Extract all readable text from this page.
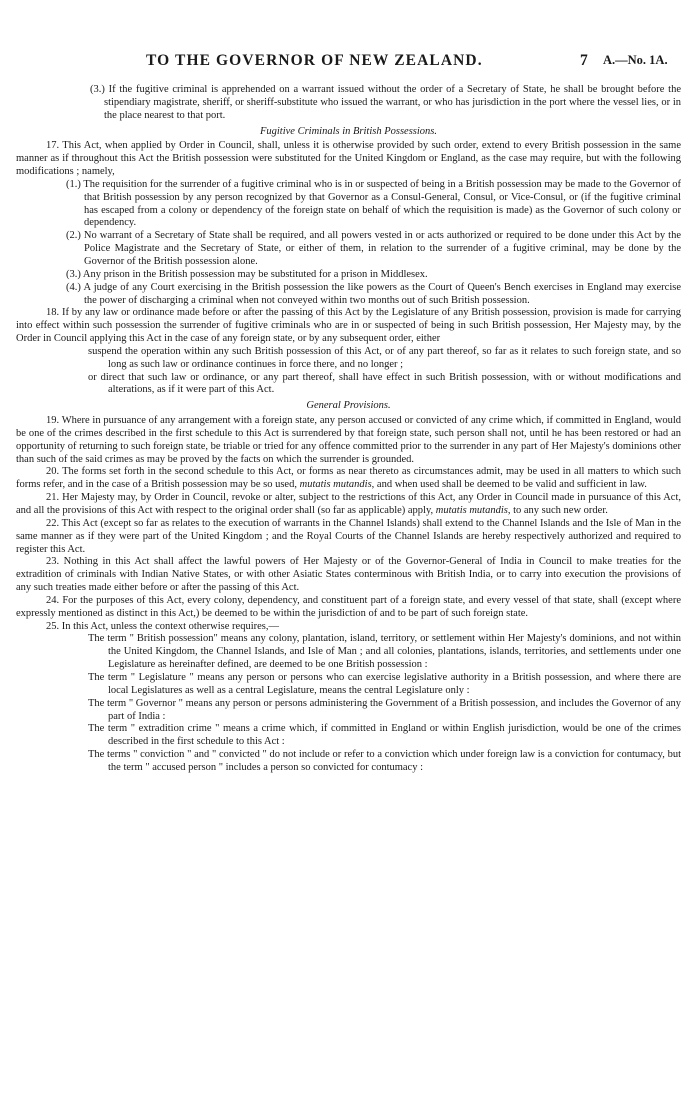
TO THE GOVERNOR OF NEW ZEALAND.	7 A.—No. 1A.

(3.) If the fugitive criminal is apprehended on a warrant issued without the order of a Secretary of State, he shall be brought before the stipendiary magistrate, sheriff, or sheriff-substitute who issued the warrant, or who has jurisdiction in the port where the vessel lies, or in the place nearest to that port.

Fugitive Criminals in British Possessions.

17. This Act, when applied by Order in Council, shall, unless it is otherwise provided by such order, extend to every British possession in the same manner as if throughout this Act the British possession were substituted for the United Kingdom or England, as the case may require, but with the following modifications ; namely,

(1.) The requisition for the surrender of a fugitive criminal who is in or suspected of being in a British possession may be made to the Governor of that British possession by any person recognized by that Governor as a Consul-General, Consul, or Vice-Consul, or (if the fugitive criminal has escaped from a colony or dependency of the foreign state on behalf of which the requisition is made) as the Governor of such colony or dependency.

(2.) No warrant of a Secretary of State shall be required, and all powers vested in or acts authorized or required to be done under this Act by the Police Magistrate and the Secretary of State, or either of them, in relation to the surrender of a fugitive criminal, may be done by the Governor of the British possession alone.

(3.) Any prison in the British possession may be substituted for a prison in Middlesex.

(4.) A judge of any Court exercising in the British possession the like powers as the Court of Queen's Bench exercises in England may exercise the power of discharging a criminal when not conveyed within two months out of such British possession.

18. If by any law or ordinance made before or after the passing of this Act by the Legislature of any British possession, provision is made for carrying into effect within such possession the surrender of fugitive criminals who are in or suspected of being in such British possession, Her Majesty may, by the Order in Council applying this Act in the case of any foreign state, or by any subsequent order, either

suspend the operation within any such British possession of this Act, or of any part thereof, so far as it relates to such foreign state, and so long as such law or ordinance continues in force there, and no longer ;

or direct that such law or ordinance, or any part thereof, shall have effect in such British possession, with or without modifications and alterations, as if it were part of this Act.

General Provisions.

19. Where in pursuance of any arrangement with a foreign state, any person accused or convicted of any crime which, if committed in England, would be one of the crimes described in the first schedule to this Act is surrendered by that foreign state, such person shall not, until he has been restored or had an opportunity of returning to such foreign state, be triable or tried for any offence committed prior to the surrender in any part of Her Majesty's dominions other than such of the said crimes as may be proved by the facts on which the surrender is grounded.

20. The forms set forth in the second schedule to this Act, or forms as near thereto as circumstances admit, may be used in all matters to which such forms refer, and in the case of a British possession may be so used, mutatis mutandis, and when used shall be deemed to be valid and sufficient in law.

21. Her Majesty may, by Order in Council, revoke or alter, subject to the restrictions of this Act, any Order in Council made in pursuance of this Act, and all the provisions of this Act with respect to the original order shall (so far as applicable) apply, mutatis mutandis, to any such new order.

22. This Act (except so far as relates to the execution of warrants in the Channel Islands) shall extend to the Channel Islands and the Isle of Man in the same manner as if they were part of the United Kingdom ; and the Royal Courts of the Channel Islands are hereby respectively authorized and required to register this Act.

23. Nothing in this Act shall affect the lawful powers of Her Majesty or of the Governor-General of India in Council to make treaties for the extradition of criminals with Indian Native States, or with other Asiatic States conterminous with British India, or to carry into execution the provisions of any such treaties made either before or after the passing of this Act.

24. For the purposes of this Act, every colony, dependency, and constituent part of a foreign state, and every vessel of that state, shall (except where expressly mentioned as distinct in this Act,) be deemed to be within the jurisdiction of and to be part of such foreign state.

25. In this Act, unless the context otherwise requires,—

The term " British possession" means any colony, plantation, island, territory, or settlement within Her Majesty's dominions, and not within the United Kingdom, the Channel Islands, and Isle of Man ; and all colonies, plantations, islands, territories, and settlements under one Legislature as hereinafter defined, are deemed to be one British possession :

The term " Legislature " means any person or persons who can exercise legislative authority in a British possession, and where there are local Legislatures as well as a central Legislature, means the central Legislature only :

The term " Governor " means any person or persons administering the Government of a British possession, and includes the Governor of any part of India :

The term " extradition crime " means a crime which, if committed in England or within English jurisdiction, would be one of the crimes described in the first schedule to this Act :

The terms " conviction " and " convicted " do not include or refer to a conviction which under foreign law is a conviction for contumacy, but the term " accused person " includes a person so convicted for contumacy :
